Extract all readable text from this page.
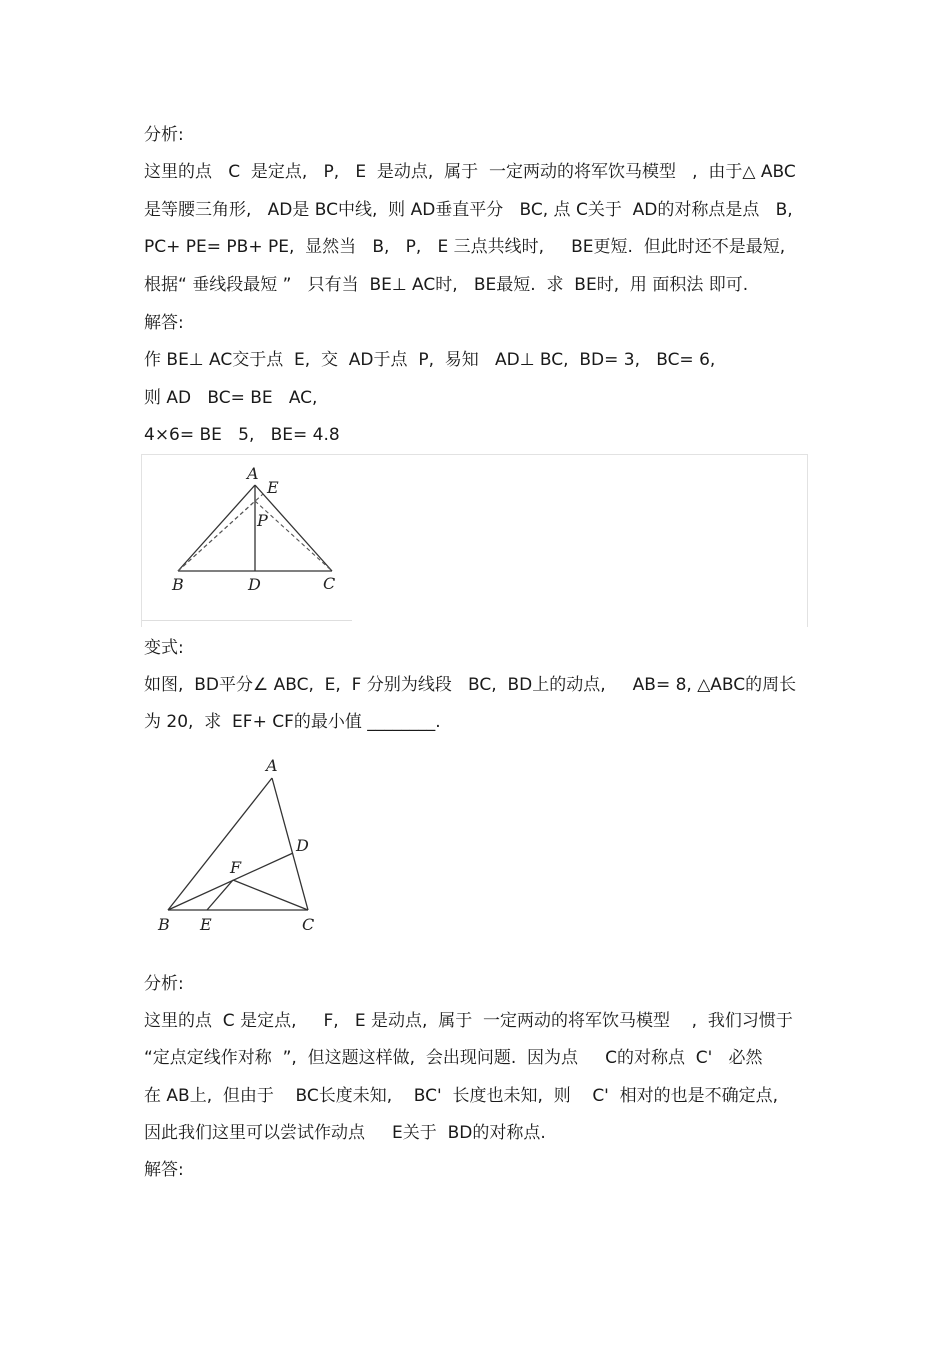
分析:
这里的点   C  是定点,   P,   E  是动点,  属于  一定两动的将军饮马模型   ,  由于△ ABC
是等腰三角形,   AD是 BC中线,  则 AD垂直平分   BC, 点 C关于  AD的对称点是点   B,
PC+ PE= PB+ PE,  显然当   B,   P,   E 三点共线时,     BE更短.  但此时还不是最短,
根据“ 垂线段最短 ”   只有当  BE⊥ AC时,   BE最短.  求  BE时,  用 面积法 即可.
解答:
作 BE⊥ AC交于点  E,  交  AD于点  P,  易知   AD⊥ BC,  BD= 3,   BC= 6,
则 AD   BC= BE   AC,
4×6= BE   5,   BE= 4.8
A
E
P
B	D	C
变式:
如图,  BD平分∠ ABC,  E,  F 分别为线段   BC,  BD上的动点,     AB= 8, △ABC的周长
为 20,  求  EF+ CF的最小值 ________.
A
D
F
B E	C
分析:
这里的点  C 是定点,     F,   E 是动点,  属于  一定两动的将军饮马模型    ,  我们习惯于
“定点定线作对称  ”,  但这题这样做,  会出现问题.  因为点     C的对称点  C'   必然
在 AB上,  但由于    BC长度未知,    BC'  长度也未知,  则    C'  相对的也是不确定点,
因此我们这里可以尝试作动点     E关于  BD的对称点.
解答:
